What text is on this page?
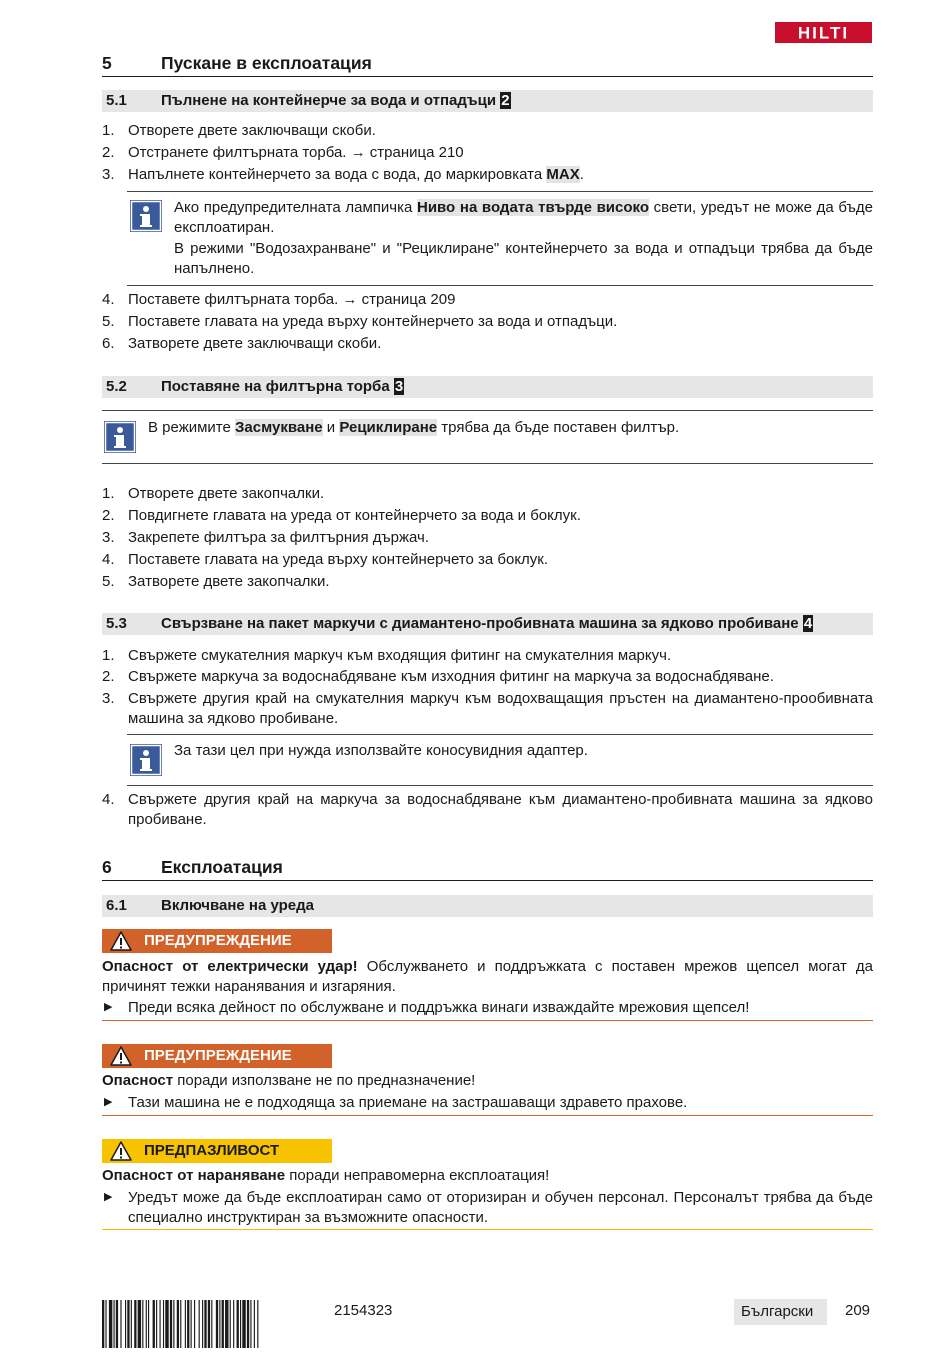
HILTI
5	Пускане в експлоатация
5.1 Пълнене на контейнерче за вода и отпадъци 2
1. Отворете двете заключващи скоби.
2. Отстранете филтърната торба. → страница 210
3. Напълнете контейнерчето за вода с вода, до маркировката MAX.
Ако предупредителната лампичка Ниво на водата твърде високо свети, уредът не може да бъде експлоатиран.
В режими "Водозахранване" и "Рециклиране" контейнерчето за вода и отпадъци трябва да бъде напълнено.
4. Поставете филтърната торба. → страница 209
5. Поставете главата на уреда върху контейнерчето за вода и отпадъци.
6. Затворете двете заключващи скоби.
5.2 Поставяне на филтърна торба 3
В режимите Засмукване и Рециклиране трябва да бъде поставен филтър.
1. Отворете двете закопчалки.
2. Повдигнете главата на уреда от контейнерчето за вода и боклук.
3. Закрепете филтъра за филтърния държач.
4. Поставете главата на уреда върху контейнерчето за боклук.
5. Затворете двете закопчалки.
5.3 Свързване на пакет маркучи с диамантено-пробивната машина за ядково пробиване 4
1. Свържете смукателния маркуч към входящия фитинг на смукателния маркуч.
2. Свържете маркуча за водоснабдяване към изходния фитинг на маркуча за водоснабдяване.
3. Свържете другия край на смукателния маркуч към водохващащия пръстен на диамантено-проoбивната машина за ядково пробиване.
За тази цел при нужда използвайте коносувидния адаптер.
4. Свържете другия край на маркуча за водоснабдяване към диамантено-пробивната машина за ядково пробиване.
6	Експлоатация
6.1 Включване на уреда
ПРЕДУПРЕЖДЕНИЕ
Опасност от електрически удар! Обслужването и поддръжката с поставен мрежов щепсел могат да причинят тежки наранявания и изгаряния.
▶ Преди всяка дейност по обслужване и поддръжка винаги изваждайте мрежовия щепсел!
ПРЕДУПРЕЖДЕНИЕ
Опасност поради използване не по предназначение!
▶ Тази машина не е подходяща за приемане на застрашаващи здравето прахове.
ПРЕДПАЗЛИВОСТ
Опасност от нараняване поради неправомерна експлоатация!
▶ Уредът може да бъде експлоатиран само от оторизиран и обучен персонал. Персоналът трябва да бъде специално инструктиран за възможните опасности.
2154323	Български 209
